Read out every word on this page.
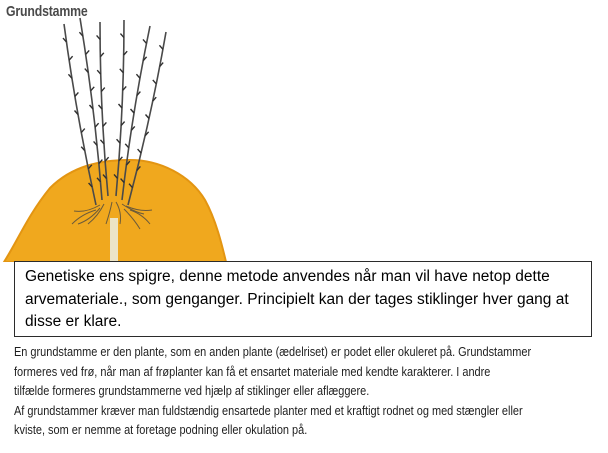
Grundstamme

Genetiske ens spigre, denne metode anvendes når man vil have netop dette arvemateriale., som genganger. Principielt kan der tages stiklinger hver gang at disse er klare.

En grundstamme er den plante, som en anden plante (ædelriset) er podet eller okuleret på. Grundstammer
formeres ved frø, når man af frøplanter kan få et ensartet materiale med kendte karakterer. I andre
tilfælde formeres grundstammerne ved hjælp af stiklinger eller aflæggere.
Af grundstammer kræver man fuldstændig ensartede planter med et kraftigt rodnet og med stængler eller
kviste, som er nemme at foretage podning eller okulation på.
